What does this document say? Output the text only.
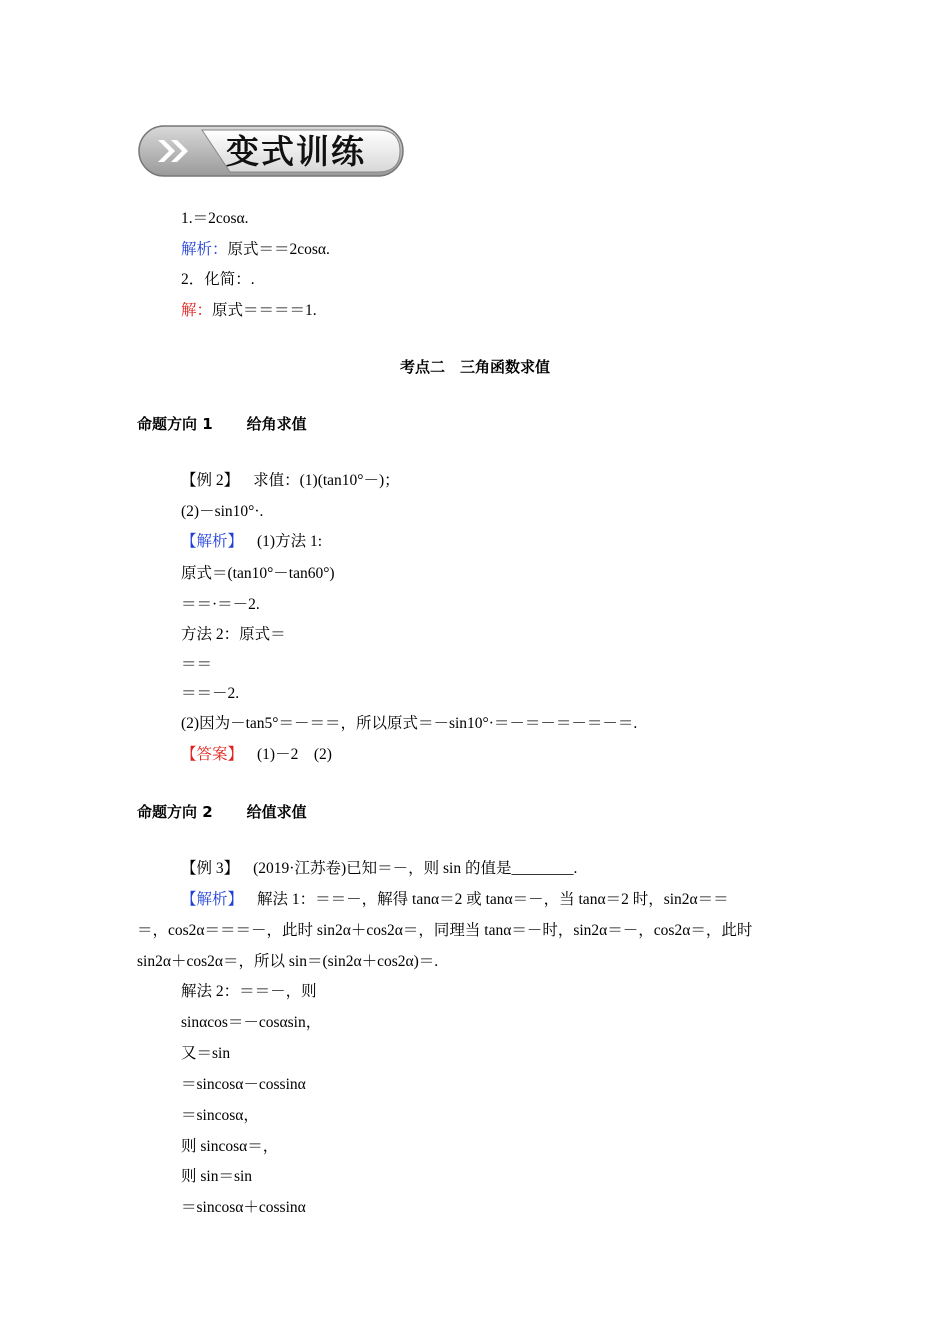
变式训练
1.＝2cosα.
解析：原式＝＝2cosα.
2．化简：.
解：原式＝＝＝＝1.
考点二　三角函数求值
命题方向 1 给角求值
【例 2】 求值：(1)(tan10°－)；
(2)－sin10°·.
【解析】 (1)方法 1:
原式＝(tan10°－tan60°)
＝＝·＝－2.
方法 2：原式＝
＝＝
＝＝－2.
(2)因为－tan5°＝－＝＝，所以原式＝－sin10°·＝－＝－＝－＝－＝.
【答案】 (1)－2　(2)
命题方向 2 给值求值
【例 3】 (2019·江苏卷)已知＝－，则 sin 的值是________.
【解析】 解法 1：＝＝－，解得 tanα＝2 或 tanα＝－，当 tanα＝2 时，sin2α＝＝
＝，cos2α＝＝＝－，此时 sin2α＋cos2α＝，同理当 tanα＝－时，sin2α＝－，cos2α＝，此时
sin2α＋cos2α＝，所以 sin＝(sin2α＋cos2α)＝.
解法 2：＝＝－，则
sinαcos＝－cosαsin，
又＝sin
＝sincosα－cossinα
＝sincosα，
则 sincosα＝，
则 sin＝sin
＝sincosα＋cossinα
